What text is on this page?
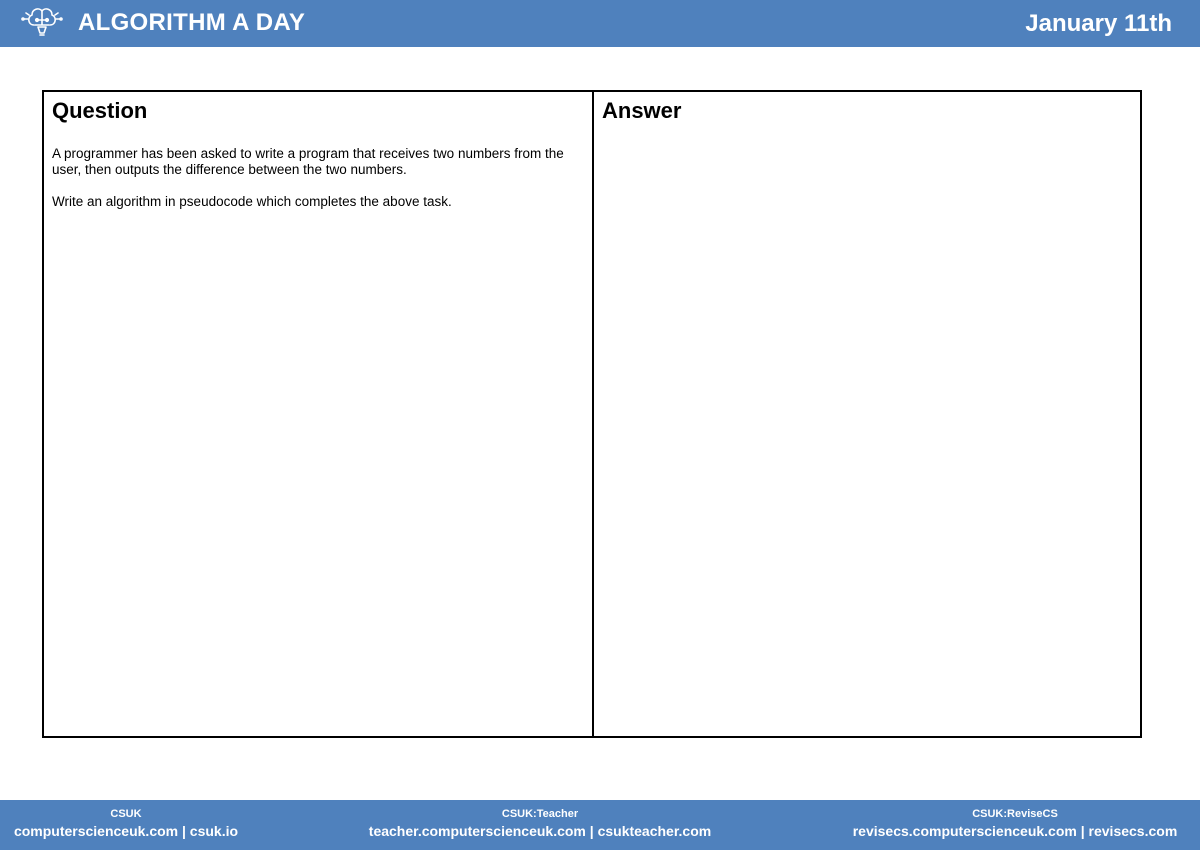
ALGORITHM A DAY	January 11th
Question

A programmer has been asked to write a program that receives two numbers from the user, then outputs the difference between the two numbers.

Write an algorithm in pseudocode which completes the above task.

Answer
CSUK
computerscienceuk.com | csuk.io
CSUK:Teacher
teacher.computerscienceuk.com | csukteacher.com
CSUK:ReviseCS
revisecs.computerscienceuk.com | revisecs.com
